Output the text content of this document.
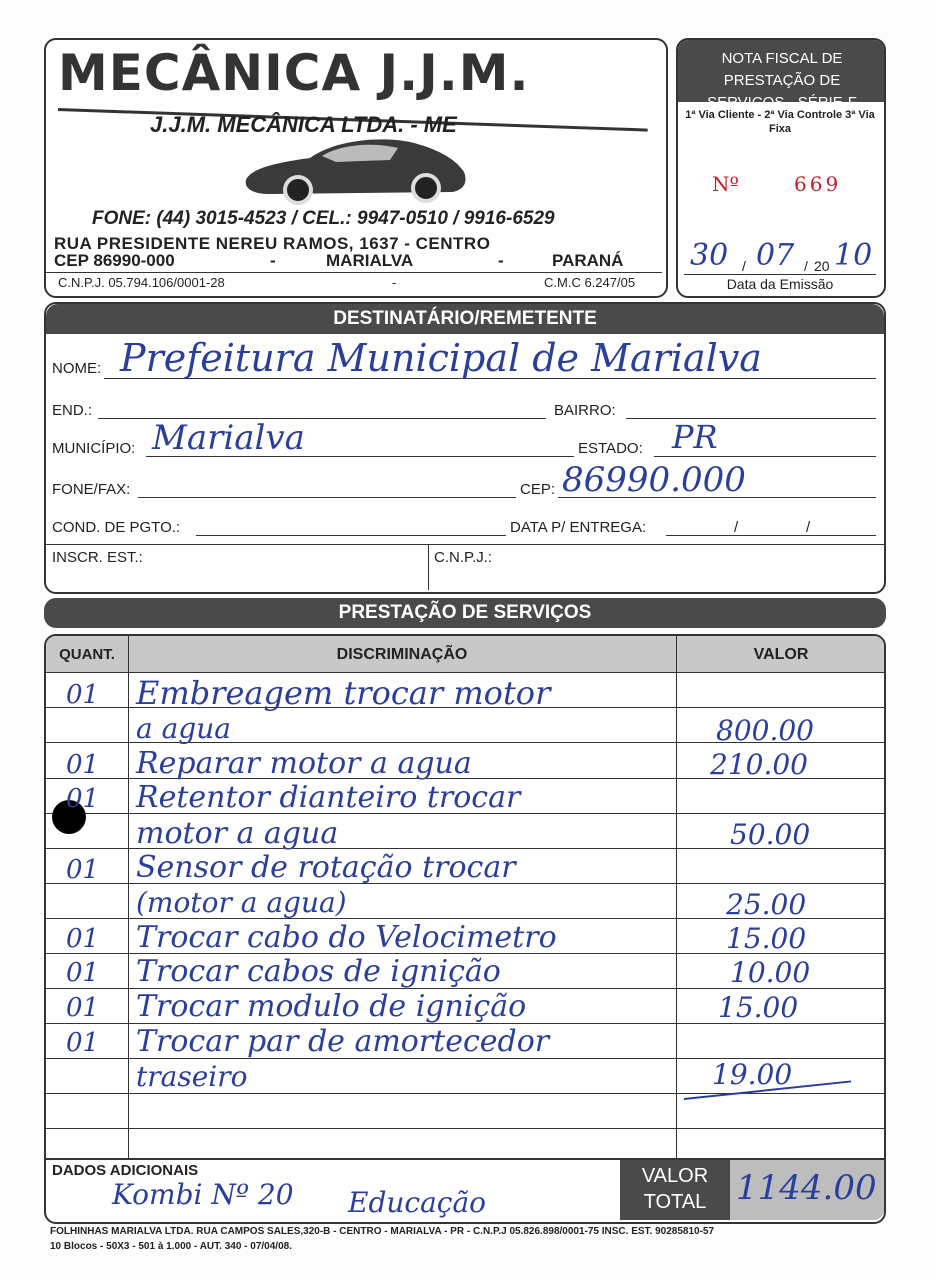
MECÂNICA J.J.M.
J.J.M. MECÂNICA LTDA. - ME
FONE: (44) 3015-4523 / CEL.: 9947-0510 / 9916-6529
RUA PRESIDENTE NEREU RAMOS, 1637 - CENTRO
CEP 86990-000	-	MARIALVA	-	PARANÁ
C.N.P.J. 05.794.106/0001-28	-	C.M.C 6.247/05
NOTA FISCAL DE PRESTAÇÃO DE SERVIÇOS - SÉRIE-F
1ª Via Cliente - 2ª Via Controle 3ª Via Fixa
Nº	669
30 / 07 / 20 10
Data da Emissão
DESTINATÁRIO/REMETENTE
NOME: Prefeitura Municipal de Marialva
END.:	BAIRRO:
MUNICÍPIO: Marialva	ESTADO: PR
FONE/FAX:	CEP: 86990.000
COND. DE PGTO.:	DATA P/ ENTREGA:	/	/
INSCR. EST.:	C.N.P.J.:
PRESTAÇÃO DE SERVIÇOS
QUANT.	DISCRIMINAÇÃO	VALOR
01 Embreagem trocar motor
a agua	800.00
01 Reparar motor a agua	210.00
01 Retentor dianteiro trocar
motor a agua	50.00
01 Sensor de rotação trocar
(motor a agua)	25.00
01 Trocar cabo do Velocimetro	15.00
01 Trocar cabos de ignição	10.00
01 Trocar modulo de ignição	15.00
01 Trocar par de amortecedor
traseiro	19.00
DADOS ADICIONAIS
Kombi Nº 20 Educação
VALOR
TOTAL 1144.00
FOLHINHAS MARIALVA LTDA. RUA CAMPOS SALES,320-B - CENTRO - MARIALVA - PR - C.N.P.J 05.826.898/0001-75 INSC. EST. 90285810-57
10 Blocos - 50X3 - 501 à 1.000 - AUT. 340 - 07/04/08.
